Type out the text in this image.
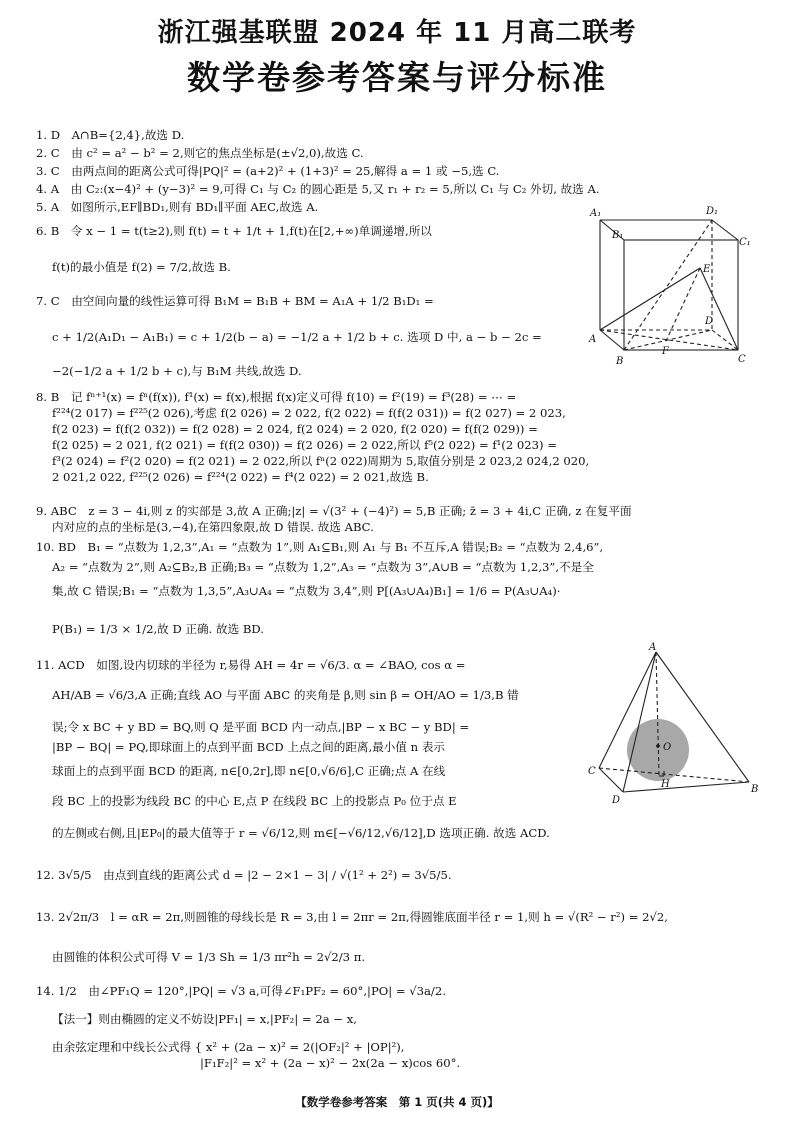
浙江强基联盟 2024 年 11 月高二联考
数学卷参考答案与评分标准
1. D　A∩B={2,4},故选 D.
2. C　由 c² = a² − b² = 2,则它的焦点坐标是(±√2,0),故选 C.
3. C　由两点间的距离公式可得|PQ|² = (a+2)² + (1+3)² = 25,解得 a = 1 或 −5,选 C.
4. A　由 C₂:(x−4)² + (y−3)² = 9,可得 C₁ 与 C₂ 的圆心距是 5,又 r₁ + r₂ = 5,所以 C₁ 与 C₂ 外切, 故选 A.
5. A　如图所示,EF∥BD₁,则有 BD₁∥平面 AEC,故选 A.
6. B　令 x − 1 = t(t≥2),则 f(t) = t + 1/t + 1,f(t)在[2,+∞)单调递增,所以
f(t)的最小值是 f(2) = 7/2,故选 B.
7. C　由空间向量的线性运算可得 B₁M = B₁B + BM = A₁A + 1/2 B₁D₁ =
c + 1/2(A₁D₁ − A₁B₁) = c + 1/2(b − a) = −1/2 a + 1/2 b + c. 选项 D 中, a − b − 2c =
−2(−1/2 a + 1/2 b + c),与 B₁M 共线,故选 D.
8. B　记 fⁿ⁺¹(x) = fⁿ(f(x)), f¹(x) = f(x),根据 f(x)定义可得 f(10) = f²(19) = f³(28) = ⋯ =
f²²⁴(2 017) = f²²⁵(2 026),考虑 f(2 026) = 2 022, f(2 022) = f(f(2 031)) = f(2 027) = 2 023,
f(2 023) = f(f(2 032)) = f(2 028) = 2 024, f(2 024) = 2 020, f(2 020) = f(f(2 029)) =
f(2 025) = 2 021, f(2 021) = f(f(2 030)) = f(2 026) = 2 022,所以 f⁵(2 022) = f¹(2 023) =
f³(2 024) = f²(2 020) = f(2 021) = 2 022,所以 fⁿ(2 022)周期为 5,取值分别是 2 023,2 024,2 020,
2 021,2 022, f²²⁵(2 026) = f²²⁴(2 022) = f⁴(2 022) = 2 021,故选 B.
9. ABC　z = 3 − 4i,则 z 的实部是 3,故 A 正确;|z| = √(3² + (−4)²) = 5,B 正确; z̄ = 3 + 4i,C 正确, z 在复平面
内对应的点的坐标是(3,−4),在第四象限,故 D 错误. 故选 ABC.
10. BD　B₁ = “点数为 1,2,3”,A₁ = “点数为 1”,则 A₁⊆B₁,则 A₁ 与 B₁ 不互斥,A 错误;B₂ = “点数为 2,4,6”,
A₂ = “点数为 2”,则 A₂⊆B₂,B 正确;B₃ = “点数为 1,2”,A₃ = “点数为 3”,A∪B = “点数为 1,2,3”,不是全
集,故 C 错误;B₁ = “点数为 1,3,5”,A₃∪A₄ = “点数为 3,4”,则 P[(A₃∪A₄)B₁] = 1/6 = P(A₃∪A₄)·
P(B₁) = 1/3 × 1/2,故 D 正确. 故选 BD.
11. ACD　如图,设内切球的半径为 r,易得 AH = 4r = √6/3. α = ∠BAO, cos α =
AH/AB = √6/3,A 正确;直线 AO 与平面 ABC 的夹角是 β,则 sin β = OH/AO = 1/3,B 错
误;令 x BC + y BD = BQ,则 Q 是平面 BCD 内一动点,|BP − x BC − y BD| =
|BP − BQ| = PQ,即球面上的点到平面 BCD 上点之间的距离,最小值 n 表示
球面上的点到平面 BCD 的距离, n∈[0,2r],即 n∈[0,√6/6],C 正确;点 A 在线
段 BC 上的投影为线段 BC 的中心 E,点 P 在线段 BC 上的投影点 P₀ 位于点 E
的左侧或右侧,且|EP₀|的最大值等于 r = √6/12,则 m∈[−√6/12,√6/12],D 选项正确. 故选 ACD.
12. 3√5/5　由点到直线的距离公式 d = |2 − 2×1 − 3| / √(1² + 2²) = 3√5/5.
13. 2√2π/3　l = αR = 2π,则圆锥的母线长是 R = 3,由 l = 2πr = 2π,得圆锥底面半径 r = 1,则 h = √(R² − r²) = 2√2,
由圆锥的体积公式可得 V = 1/3 Sh = 1/3 πr²h = 2√2/3 π.
14. 1/2　由∠PF₁Q = 120°,|PQ| = √3 a,可得∠F₁PF₂ = 60°,|PO| = √3a/2.
【法一】则由椭圆的定义不妨设|PF₁| = x,|PF₂| = 2a − x,
由余弦定理和中线长公式得 { x² + (2a − x)² = 2(|OF₂|² + |OP|²),
|F₁F₂|² = x² + (2a − x)² − 2x(2a − x)cos 60°.
A₁	D₁
B₁
C₁
E
D
A
B
F
C
A
O
C
H	B
D
【数学卷参考答案　第 1 页(共 4 页)】
